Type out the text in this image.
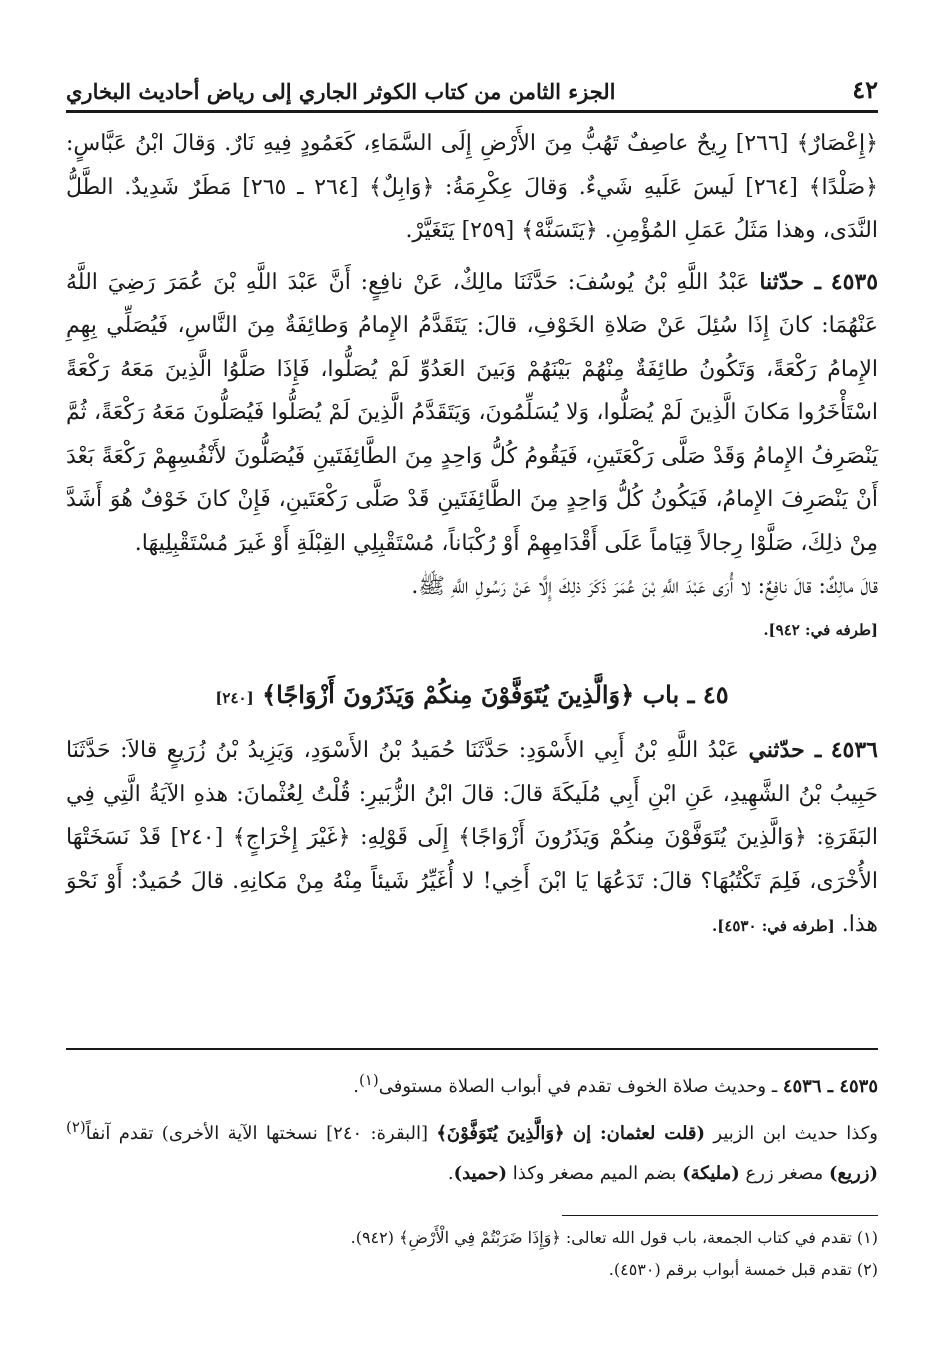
٤٢
الجزء الثامن من كتاب الكوثر الجاري إلى رياض أحاديث البخاري

﴿إِعْصَارٌ﴾ [٢٦٦] رِيحٌ عاصِفٌ تَهُبُّ مِنَ الأَرْضِ إِلَى السَّمَاءِ، كَعَمُودٍ فِيهِ نَارٌ. وَقالَ ابْنُ عَبَّاسٍ: ﴿صَلْدًا﴾ [٢٦٤] لَيسَ عَلَيهِ شَيءٌ. وَقالَ عِكْرِمَةُ: ﴿وَابِلٌ﴾ [٢٦٤ ـ ٢٦٥] مَطَرٌ شَدِيدٌ. الطَّلُّ النَّدَى، وهذا مَثَلُ عَمَلِ المُؤْمِنِ. ﴿يَتَسَنَّهْ﴾ [٢٥٩] يَتَغَيَّرْ.

٤٥٣٥ ـ حدّثنا عَبْدُ اللَّهِ بْنُ يُوسُفَ: حَدَّثَنَا مالِكٌ، عَنْ نافِعٍ: أَنَّ عَبْدَ اللَّهِ بْنَ عُمَرَ رَضِيَ اللَّهُ عَنْهُمَا: كانَ إِذَا سُئِلَ عَنْ صَلاةِ الخَوْفِ، قالَ: يَتَقَدَّمُ الإِمامُ وَطائِفَةٌ مِنَ النَّاسِ، فَيُصَلِّي بِهِمِ الإِمامُ رَكْعَةً، وَتَكُونُ طائِفَةٌ مِنْهُمْ بَيْنَهُمْ وَبَينَ العَدُوِّ لَمْ يُصَلُّوا، فَإِذَا صَلَّوُا الَّذِينَ مَعَهُ رَكْعَةً اسْتَأْخَرُوا مَكانَ الَّذِينَ لَمْ يُصَلُّوا، وَلا يُسَلِّمُونَ، وَيَتَقَدَّمُ الَّذِينَ لَمْ يُصَلُّوا فَيُصَلُّونَ مَعَهُ رَكْعَةً، ثُمَّ يَنْصَرِفُ الإِمامُ وَقَدْ صَلَّى رَكْعَتَينِ، فَيَقُومُ كُلُّ وَاحِدٍ مِنَ الطَّائِفَتَينِ فَيُصَلُّونَ لأَنْفُسِهِمْ رَكْعَةً بَعْدَ أَنْ يَنْصَرِفَ الإِمامُ، فَيَكُونُ كُلُّ وَاحِدٍ مِنَ الطَّائِفَتَينِ قَدْ صَلَّى رَكْعَتَينِ، فَإِنْ كانَ خَوْفٌ هُوَ أَشَدَّ مِنْ ذلِكَ، صَلَّوْا رِجالاً قِيَاماً عَلَى أَقْدَامِهِمْ أَوْ رُكْبَاناً، مُسْتَقْبِلِي القِبْلَةِ أَوْ غَيرَ مُسْتَقْبِلِيهَا.

قالَ مالِكٌ: قالَ نافِعٌ: لا أُرَى عَبْدَ اللَّهِ بْنَ عُمَرَ ذَكَرَ ذلِكَ إِلَّا عَنْ رَسُولِ اللَّهِ ﷺ.

[طرفه في: ٩٤٢].

٤٥ ـ باب ﴿وَالَّذِينَ يُتَوَفَّوْنَ مِنكُمْ وَيَذَرُونَ أَزْوَاجًا﴾ [٢٤٠]

٤٥٣٦ ـ حدّثني عَبْدُ اللَّهِ بْنُ أَبِي الأَسْوَدِ: حَدَّثَنَا حُمَيدُ بْنُ الأَسْوَدِ، وَيَزِيدُ بْنُ زُرَيعٍ قالاَ: حَدَّثَنَا حَبِيبُ بْنُ الشَّهِيدِ، عَنِ ابْنِ أَبِي مُلَيكَةَ قالَ: قالَ ابْنُ الزُّبَيرِ: قُلْتُ لِعُثْمانَ: هذهِ الآيَةُ الَّتِي فِي البَقَرَةِ: ﴿وَالَّذِينَ يُتَوَفَّوْنَ مِنكُمْ وَيَذَرُونَ أَزْوَاجًا﴾ إِلَى قَوْلِهِ: ﴿غَيْرَ إِخْرَاجٍ﴾ [٢٤٠] قَدْ نَسَخَتْهَا الأُخْرَى، فَلِمَ تَكْتُبُهَا؟ قالَ: تَدَعُهَا يَا ابْنَ أَخِي! لا أُغَيِّرُ شَيئاً مِنْهُ مِنْ مَكانِهِ. قالَ حُمَيدٌ: أَوْ نَحْوَ هذا. [طرفه في: ٤٥٣٠].

٤٥٣٥ ـ ٤٥٣٦ ـ وحديث صلاة الخوف تقدم في أبواب الصلاة مستوفى$^{(١)}$.

وكذا حديث ابن الزبير (قلت لعثمان: إن ﴿وَالَّذِينَ يُتَوَفَّوْنَ﴾ [البقرة: ٢٤٠] نسختها الآية الأخرى) تقدم آنفاً$^{(٢)}$ (زريع) مصغر زرع (مليكة) بضم الميم مصغر وكذا (حميد).

(١) تقدم في كتاب الجمعة، باب قول الله تعالى: ﴿وَإِذَا ضَرَبْتُمْ فِي الْأَرْضِ﴾ (٩٤٢).

(٢) تقدم قبل خمسة أبواب برقم (٤٥٣٠).
